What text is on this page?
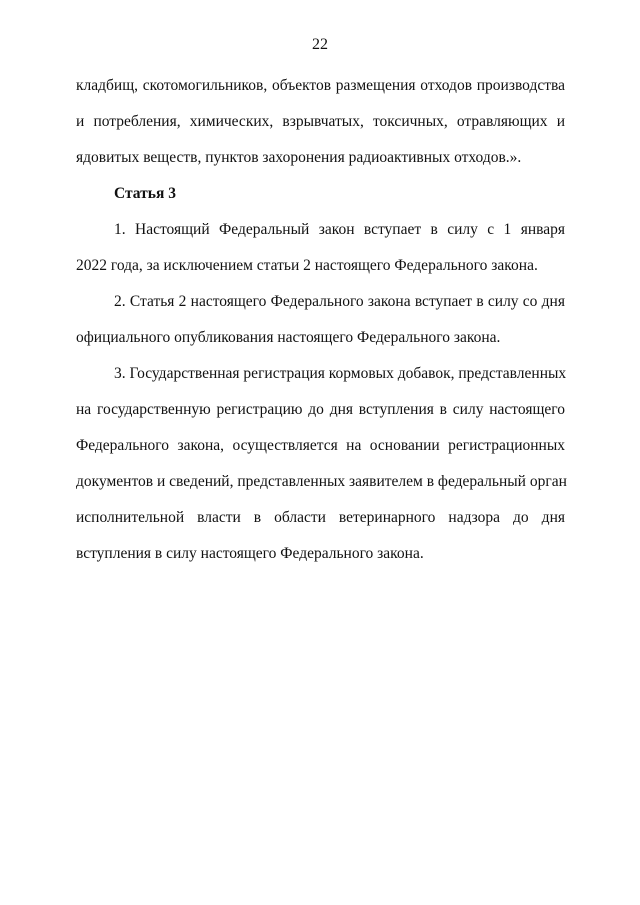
22
кладбищ, скотомогильников, объектов размещения отходов производства
и потребления, химических, взрывчатых, токсичных, отравляющих и
ядовитых веществ, пунктов захоронения радиоактивных отходов.».
Статья 3
1. Настоящий Федеральный закон вступает в силу с 1 января
2022 года, за исключением статьи 2 настоящего Федерального закона.
2. Статья 2 настоящего Федерального закона вступает в силу со дня
официального опубликования настоящего Федерального закона.
3. Государственная регистрация кормовых добавок, представленных
на государственную регистрацию до дня вступления в силу настоящего
Федерального закона, осуществляется на основании регистрационных
документов и сведений, представленных заявителем в федеральный орган
исполнительной власти в области ветеринарного надзора до дня
вступления в силу настоящего Федерального закона.
